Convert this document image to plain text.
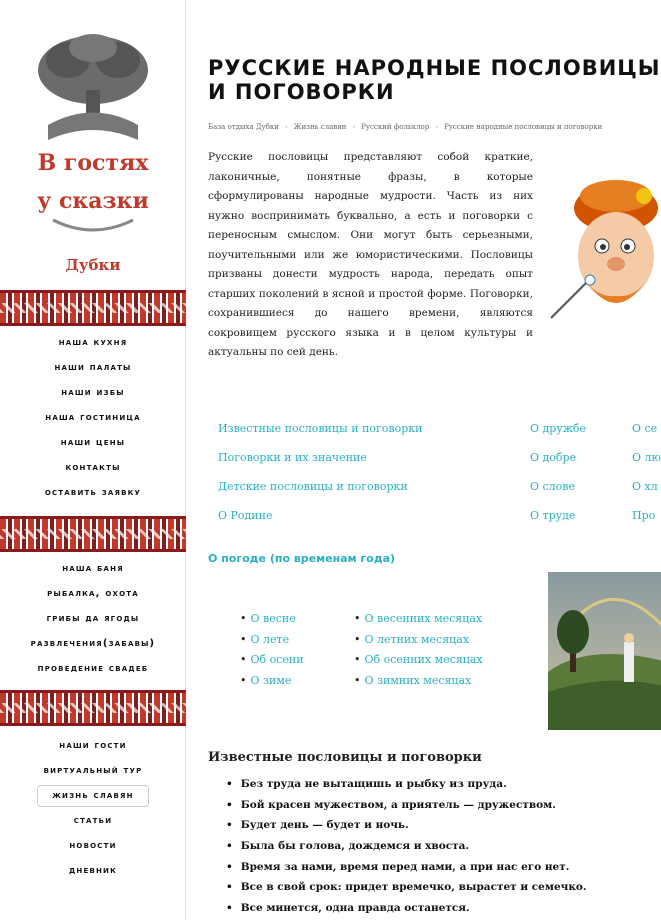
В гостях
у сказки
Дубки
наша кухня
наши палаты
наши избы
наша гостиница
наши цены
контакты
оставить заявку
наша баня
рыбалка, охота
грибы да ягоды
развлечения(забавы)
проведение свадеб
наши гости
виртуальный тур
жизнь славян
статьи
новости
дневник
РУССКИЕ НАРОДНЫЕ ПОСЛОВИЦЫ И ПОГОВОРКИ
База отдыха Дубки › Жизнь славян › Русский фольклор › Русские народные пословицы и поговорки

Русские пословицы представляют собой краткие, лаконичные, понятные фразы, в которые сформулированы народные мудрости. Часть из них нужно воспринимать буквально, а есть и поговорки с переносным смыслом. Они могут быть серьезными, поучительными или же юмористическими. Пословицы призваны донести мудрость народа, передать опыт старших поколений в ясной и простой форме. Поговорки, сохранившиеся до нашего времени, являются сокровищем русского языка и в целом культуры и актуальны по сей день.

Известные пословицы и поговорки
Поговорки и их значение
Детские пословицы и поговорки
О Родине
О дружбе
О добре
О слове
О труде
О се
О лю
О хл
Про
О погоде (по временам года)
• О весне
• О лете
• Об осени
• О зиме
• О весенних месяцах
• О летних месяцах
• Об осенних месяцах
• О зимних месяцах
Известные пословицы и поговорки
• Без труда не вытащишь и рыбку из пруда.
• Бой красен мужеством, а приятель — дружеством.
• Будет день — будет и ночь.
• Была бы голова, дождемся и хвоста.
• Время за нами, время перед нами, а при нас его нет.
• Все в свой срок: придет времечко, вырастет и семечко.
• Все минется, одна правда останется.
